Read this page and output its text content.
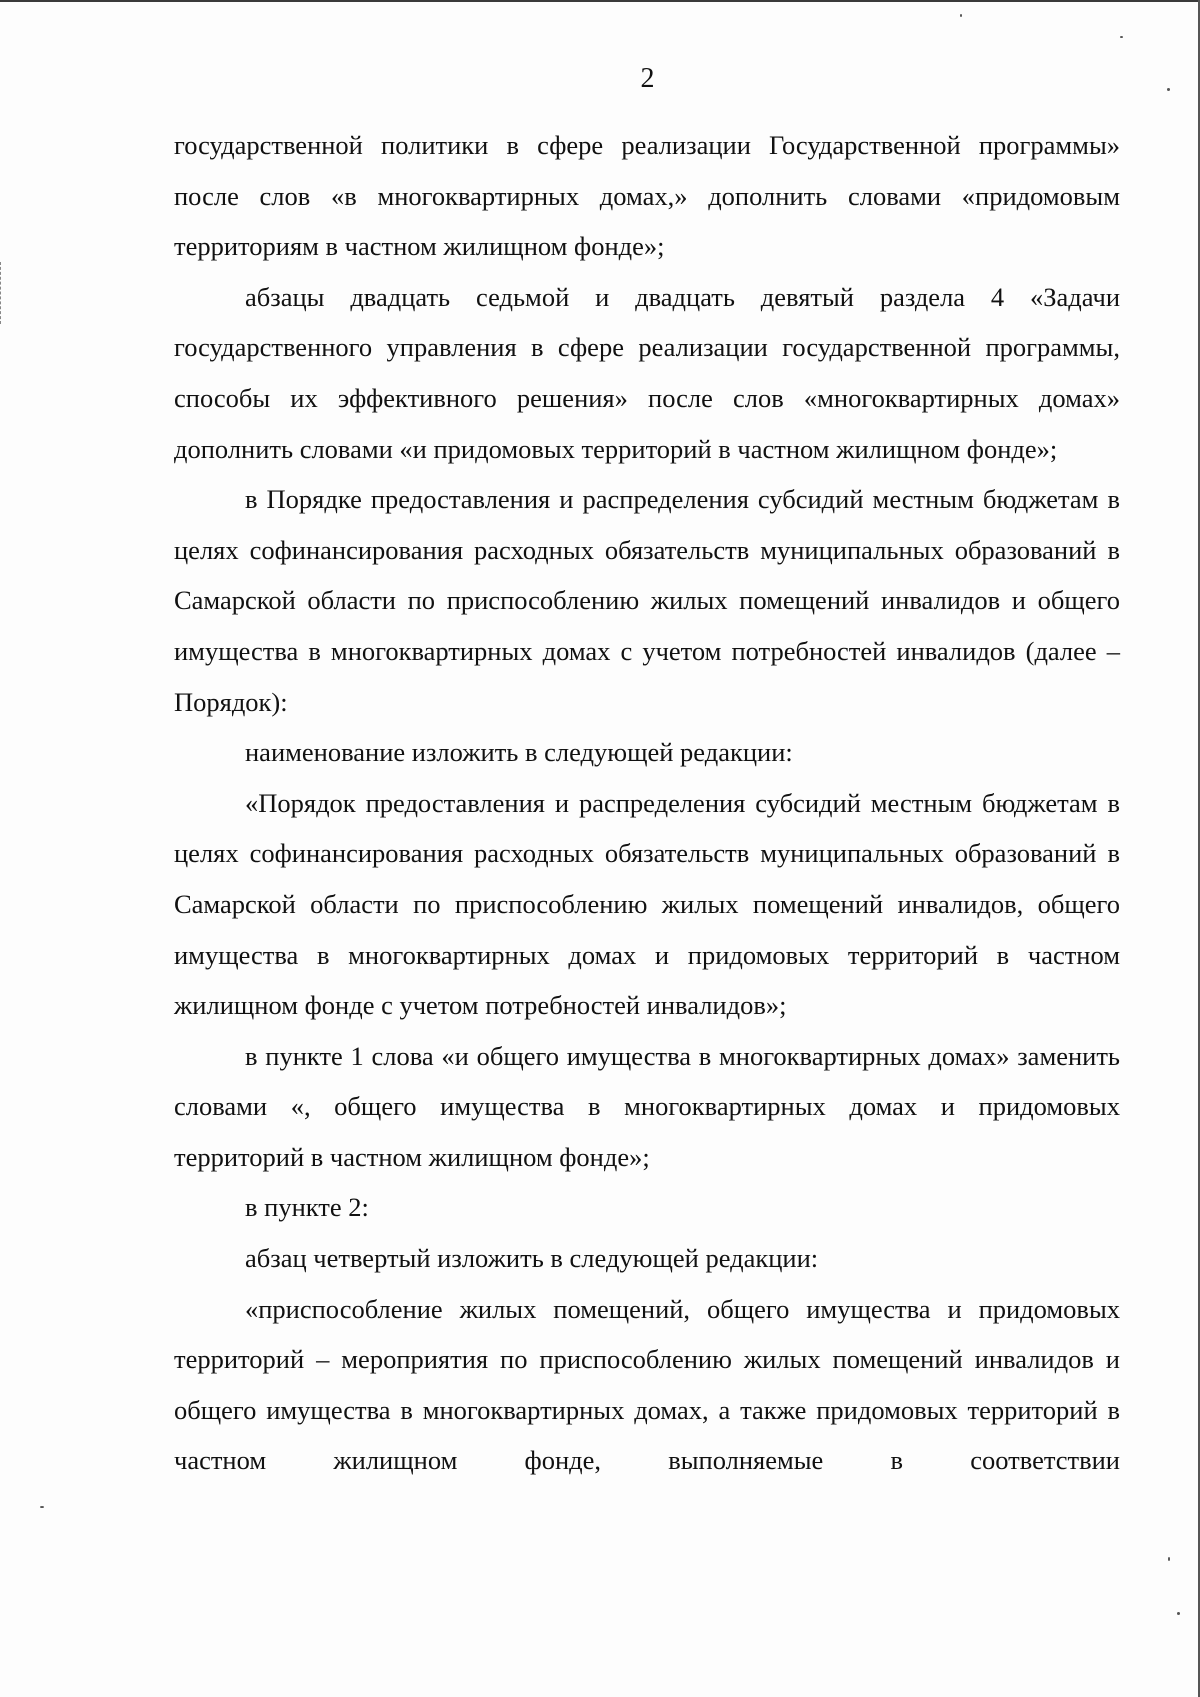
2

государственной политики в сфере реализации Государственной программы» после слов «в многоквартирных домах,» дополнить словами «придомовым территориям в частном жилищном фонде»;

абзацы двадцать седьмой и двадцать девятый раздела 4 «Задачи государственного управления в сфере реализации государственной программы, способы их эффективного решения» после слов «многоквартирных домах» дополнить словами «и придомовых территорий в частном жилищном фонде»;

в Порядке предоставления и распределения субсидий местным бюджетам в целях софинансирования расходных обязательств муниципальных образований в Самарской области по приспособлению жилых помещений инвалидов и общего имущества в многоквартирных домах с учетом потребностей инвалидов (далее – Порядок):

наименование изложить в следующей редакции:

«Порядок предоставления и распределения субсидий местным бюджетам в целях софинансирования расходных обязательств муниципальных образований в Самарской области по приспособлению жилых помещений инвалидов, общего имущества в многоквартирных домах и придомовых территорий в частном жилищном фонде с учетом потребностей инвалидов»;

в пункте 1 слова «и общего имущества в многоквартирных домах» заменить словами «, общего имущества в многоквартирных домах и придомовых территорий в частном жилищном фонде»;

в пункте 2:

абзац четвертый изложить в следующей редакции:

«приспособление жилых помещений, общего имущества и придомовых территорий – мероприятия по приспособлению жилых помещений инвалидов и общего имущества в многоквартирных домах, а также придомовых территорий в частном жилищном фонде, выполняемые в соответствии
